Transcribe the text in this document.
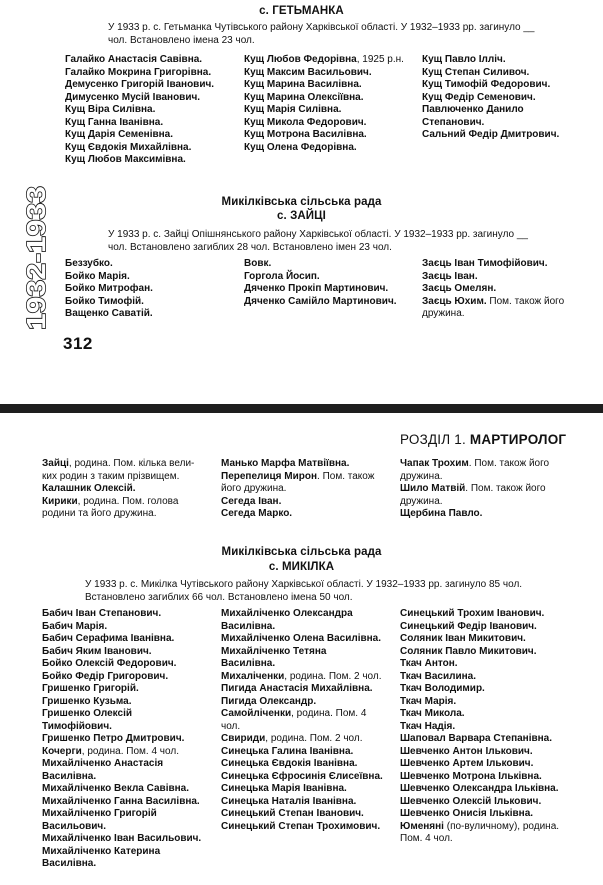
с. ГЕТЬМАНКА
У 1933 р. с. Гетьманка Чутівського району Харківської області. У 1932–1933 рр. загинуло __ чол. Встановлено імена 23 чол.

Галайко Анастасія Савівна.

Галайко Мокрина Григорівна.

Демусенко Григорій Іванович.

Димусенко Мусій Іванович.

Кущ Віра Силівна.

Кущ Ганна Іванівна.

Кущ Дарія Семенівна.

Кущ Євдокія Михайлівна.

Кущ Любов Максимівна.

Кущ Любов Федорівна, 1925 р.н.

Кущ Максим Васильович.

Кущ Марина Василівна.

Кущ Марина Олексіївна.

Кущ Марія Силівна.

Кущ Микола Федорович.

Кущ Мотрона Василівна.

Кущ Олена Федорівна.

Кущ Павло Ілліч.

Кущ Степан Силивоч.

Кущ Тимофій Федорович.

Кущ Федір Семенович.

Павлюченко Данило Степанович.

Сальний Федір Дмитрович.

Микілківська сільська рада
с. ЗАЙЦІ
У 1933 р. с. Зайці Опішнянського району Харківської області. У 1932–1933 рр. загинуло __ чол. Встановлено загиблих 28 чол. Встановлено імен 23 чол.

Беззубко.

Бойко Марія.

Бойко Митрофан.

Бойко Тимофій.

Ващенко Саватій.

Вовк.

Горгола Йосип.

Дяченко Прокіп Мартинович.

Дяченко Самійло Мартинович.

Заєць Іван Тимофійович.

Заєць Іван.

Заєць Омелян.

Заєць Юхим. Пом. також його дружина.

1932-1933
312
РОЗДІЛ 1. МАРТИРОЛОГ

Зайці, родина. Пом. кілька великих родин з таким прізвищем.

Калашник Олексій.

Кирики, родина. Пом. голова родини та його дружина.

Манько Марфа Матвіївна.

Перепелиця Мирон. Пом. також його дружина.

Сегеда Іван.

Сегеда Марко.

Чапак Трохим. Пом. також його дружина.

Шило Матвій. Пом. також його дружина.

Щербина Павло.

Микілківська сільська рада
с. МИКІЛКА
У 1933 р. с. Микілка Чутівського району Харківської області. У 1932–1933 рр. загинуло 85 чол. Встановлено загиблих 66 чол. Встановлено імена 50 чол.

Бабич Іван Степанович.

Бабич Марія.

Бабич Серафима Іванівна.

Бабич Яким Іванович.

Бойко Олексій Федорович.

Бойко Федір Григорович.

Гришенко Григорій.

Гришенко Кузьма.

Гришенко Олексій Тимофійович.

Гришенко Петро Дмитрович.

Кочерги, родина. Пом. 4 чол.

Михайліченко Анастасія Василівна.

Михайліченко Векла Савівна.

Михайліченко Ганна Василівна.

Михайліченко Григорій Васильович.

Михайліченко Іван Васильович.

Михайліченко Катерина Василівна.

Михайліченко Олександра Василівна.

Михайліченко Олена Василівна.

Михайліченко Тетяна Василівна.

Михаліченки, родина. Пом. 2 чол.

Пигида Анастасія Михайлівна.

Пигида Олександр.

Самойліченки, родина. Пом. 4 чол.

Свириди, родина. Пом. 2 чол.

Синецька Галина Іванівна.

Синецька Євдокія Іванівна.

Синецька Єфросинія Єлисеївна.

Синецька Марія Іванівна.

Синецька Наталія Іванівна.

Синецький Степан Іванович.

Синецький Степан Трохимович.

Синецький Трохим Іванович.

Синецький Федір Іванович.

Соляник Іван Микитович.

Соляник Павло Микитович.

Ткач Антон.

Ткач Василина.

Ткач Володимир.

Ткач Марія.

Ткач Микола.

Ткач Надія.

Шаповал Варвара Степанівна.

Шевченко Антон Ількович.

Шевченко Артем Ількович.

Шевченко Мотрона Ільківна.

Шевченко Олександра Ільківна.

Шевченко Олексій Ількович.

Шевченко Онисія Ільківна.

Юменяні (по-вуличному), родина. Пом. 4 чол.
